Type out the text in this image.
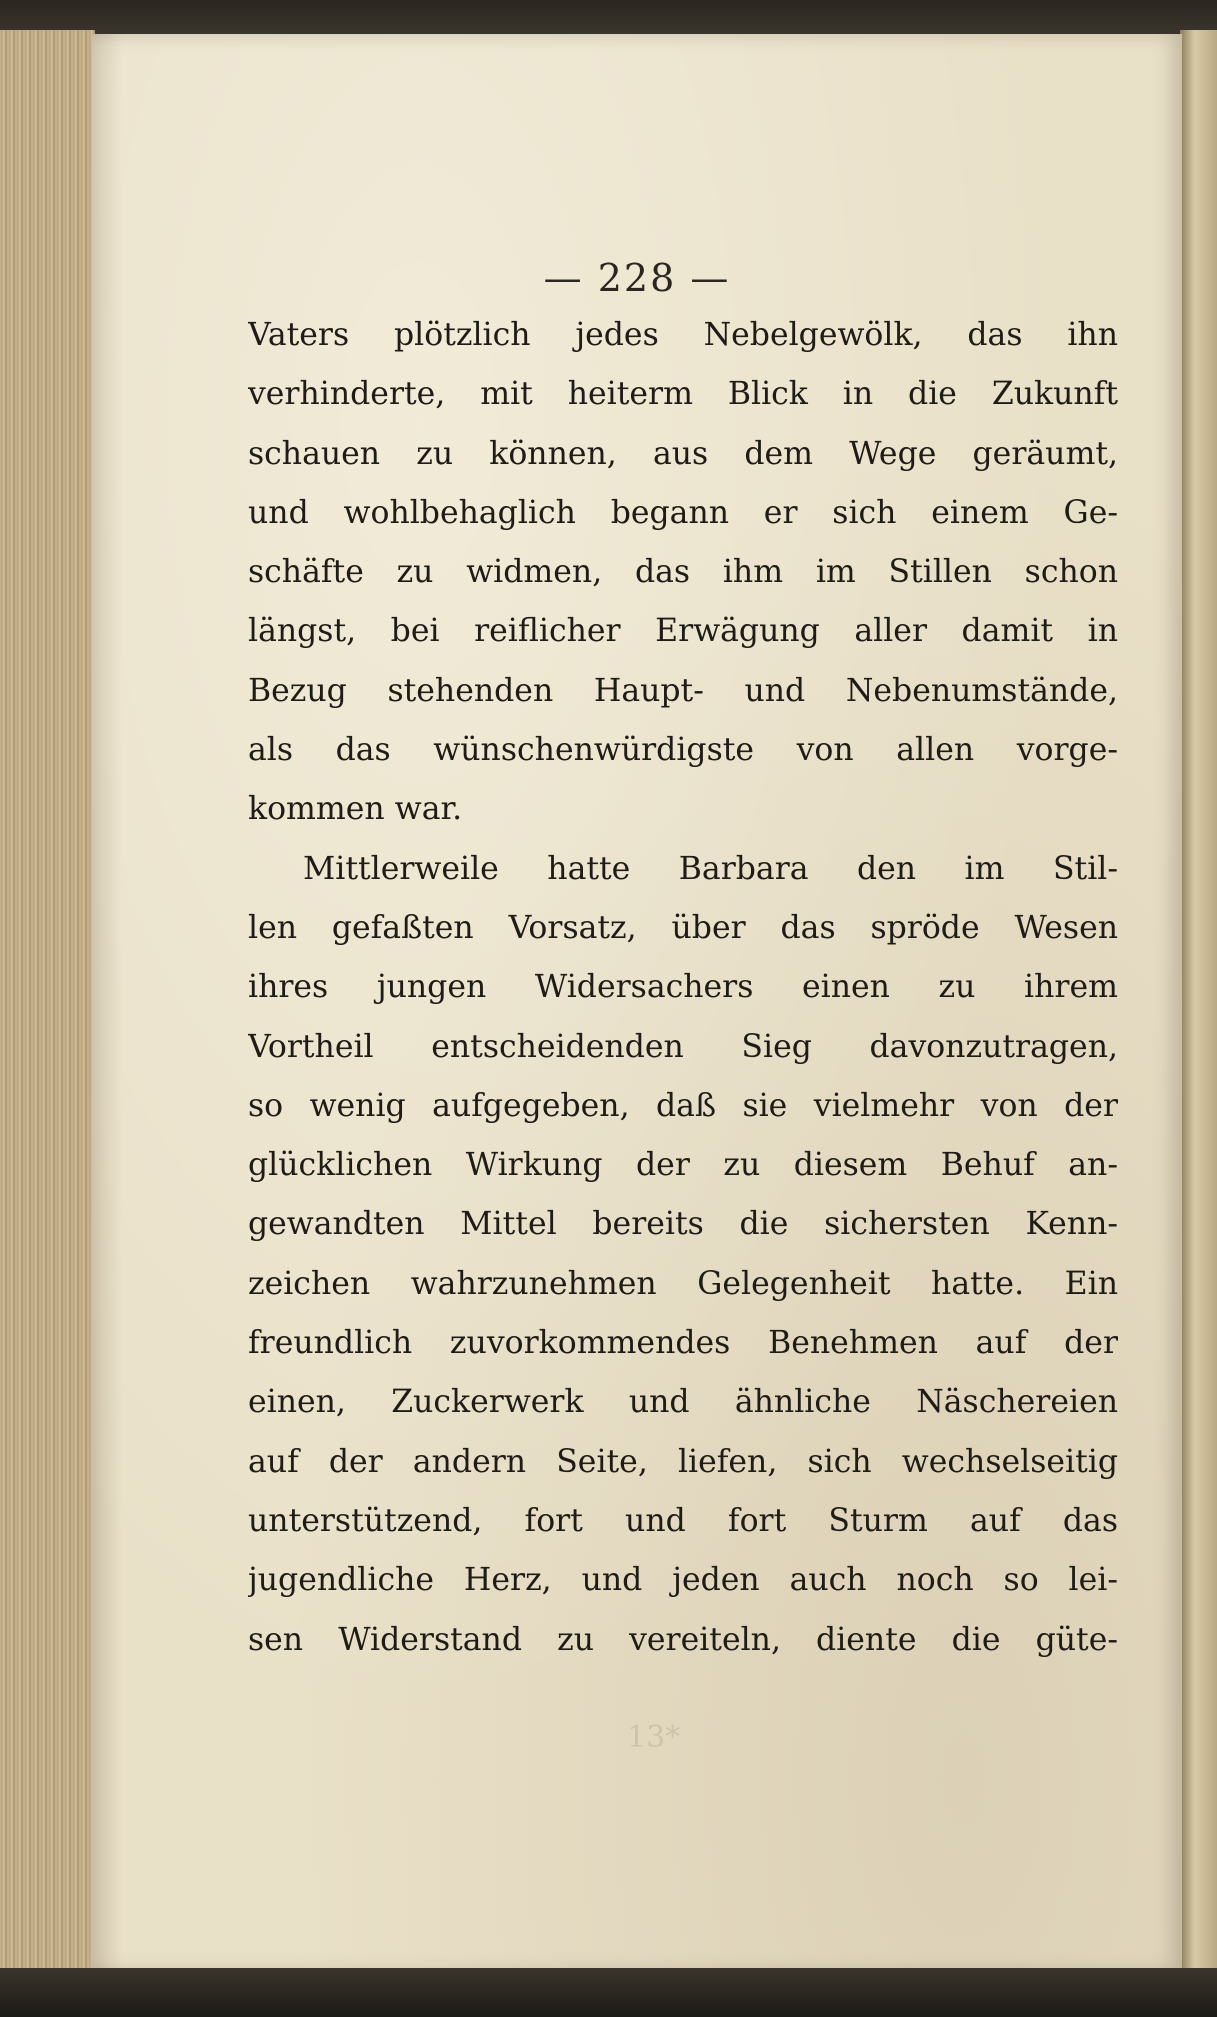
— 228 —
13*
Vaters plötzlich jedes Nebelgewölk, das ihn
verhinderte, mit heiterm Blick in die Zukunft
schauen zu können, aus dem Wege geräumt,
und wohlbehaglich begann er sich einem Ge-
schäfte zu widmen, das ihm im Stillen schon
längst, bei reiflicher Erwägung aller damit in
Bezug stehenden Haupt- und Nebenumstände,
als das wünschenwürdigste von allen vorge-
kommen war.
Mittlerweile hatte Barbara den im Stil-
len gefaßten Vorsatz, über das spröde Wesen
ihres jungen Widersachers einen zu ihrem
Vortheil entscheidenden Sieg davonzutragen,
so wenig aufgegeben, daß sie vielmehr von der
glücklichen Wirkung der zu diesem Behuf an-
gewandten Mittel bereits die sichersten Kenn-
zeichen wahrzunehmen Gelegenheit hatte. Ein
freundlich zuvorkommendes Benehmen auf der
einen, Zuckerwerk und ähnliche Näschereien
auf der andern Seite, liefen, sich wechselseitig
unterstützend, fort und fort Sturm auf das
jugendliche Herz, und jeden auch noch so lei-
sen Widerstand zu vereiteln, diente die güte-
